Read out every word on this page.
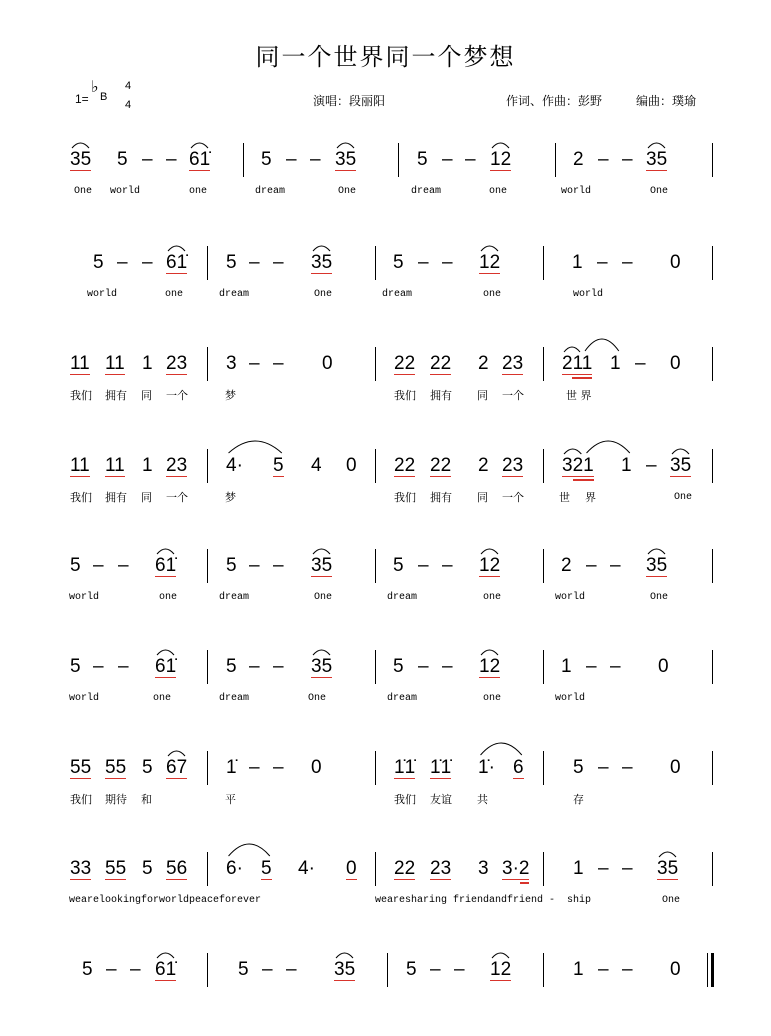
同一个世界同一个梦想
1=
♭
B
4
4	演唱：段丽阳	作词、作曲：彭野	编曲：璞瑜
35 5 – – 61̇	5 – – 35	5 – – 12	2 – – 35
One world	one	dream	One	dream	one	world	One
5 – – 61̇ 5 – – 35	5 – – 12	1 – – 0
world	one	dream	One	dream	one	world
11 11 1 23 3 – – 0	22 22 2 23 211 1 – 0
我们 拥有 同 一个	梦	我们 拥有 同 一个	世 界
11 11 1 23 4· 5 4 0 22 22 2 23 321 1 – 35
我们 拥有 同 一个	梦	我们 拥有 同 一个	世 界	One
5 – – 61̇	5 – – 35	5 – – 12	2 – – 35
world	one	dream	One	dream	one	world	One
5 – – 61̇	5 – – 35	5 – – 12	1 – – 0
world	one	dream	One	dream	one	world
55 55 5 67 1̇ – – 0	1̇1̇ 1̇1̇ 1̇· 6	5 – – 0
我们 期待 和	平	我们 友谊 共	存
33 55 5 56 6· 5 4· 0 22 23 3 3·2 1 – – 35
wearelookingforworldpeaceforever	wearesharing friendandfriend - ship	One
5 – – 61̇	5 – – 35	5 – – 12	1 – – 0
